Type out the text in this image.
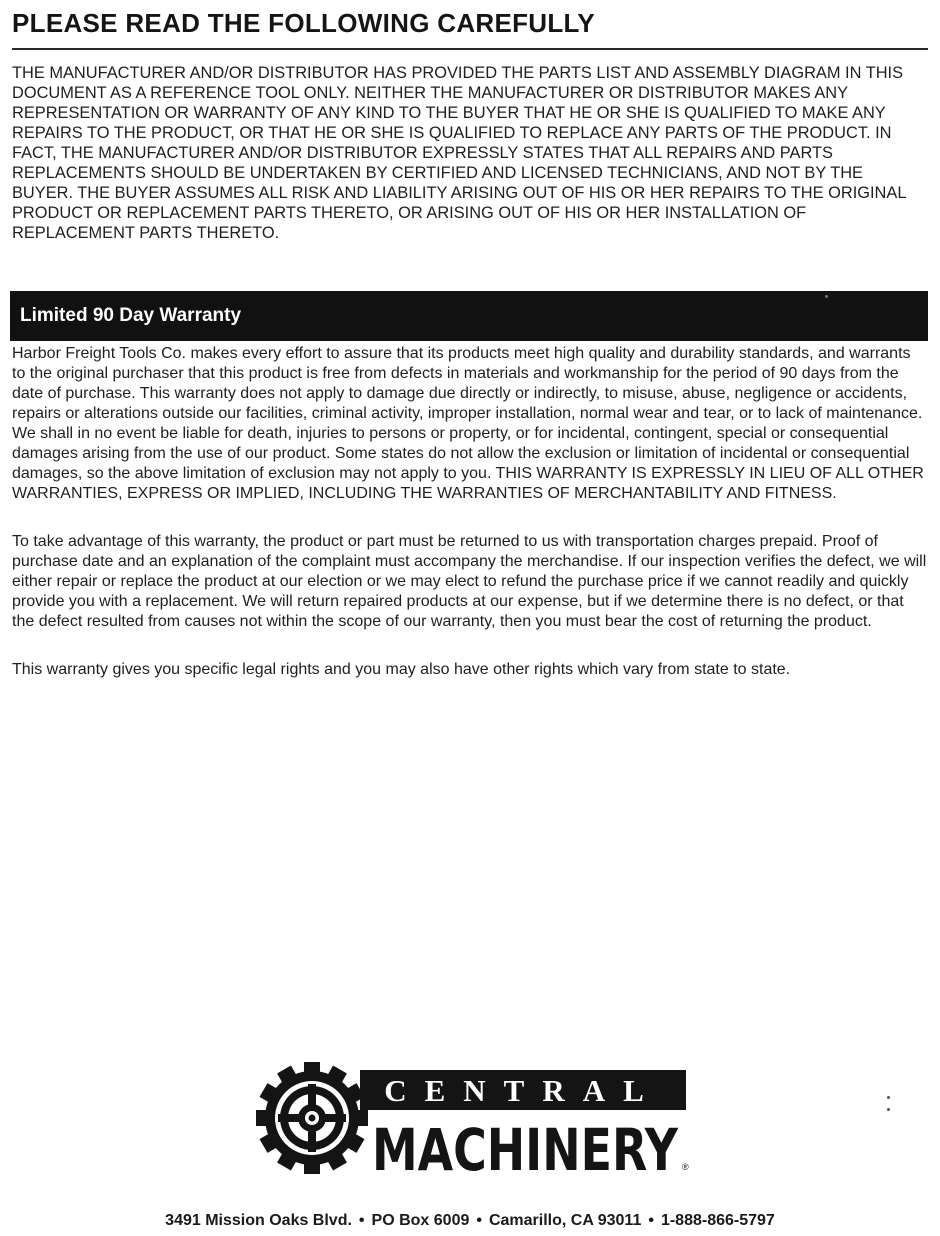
PLEASE READ THE FOLLOWING CAREFULLY

THE MANUFACTURER AND/OR DISTRIBUTOR HAS PROVIDED THE PARTS LIST AND ASSEMBLY DIAGRAM IN THIS DOCUMENT AS A REFERENCE TOOL ONLY. NEITHER THE MANUFACTURER OR DISTRIBUTOR MAKES ANY REPRESENTATION OR WARRANTY OF ANY KIND TO THE BUYER THAT HE OR SHE IS QUALIFIED TO MAKE ANY REPAIRS TO THE PRODUCT, OR THAT HE OR SHE IS QUALIFIED TO REPLACE ANY PARTS OF THE PRODUCT. IN FACT, THE MANUFACTURER AND/OR DISTRIBUTOR EXPRESSLY STATES THAT ALL REPAIRS AND PARTS REPLACEMENTS SHOULD BE UNDERTAKEN BY CERTIFIED AND LICENSED TECHNICIANS, AND NOT BY THE BUYER. THE BUYER ASSUMES ALL RISK AND LIABILITY ARISING OUT OF HIS OR HER REPAIRS TO THE ORIGINAL PRODUCT OR REPLACEMENT PARTS THERETO, OR ARISING OUT OF HIS OR HER INSTALLATION OF REPLACEMENT PARTS THERETO.

Limited 90 Day Warranty

Harbor Freight Tools Co. makes every effort to assure that its products meet high quality and durability standards, and warrants to the original purchaser that this product is free from defects in materials and workmanship for the period of 90 days from the date of purchase. This warranty does not apply to damage due directly or indirectly, to misuse, abuse, negligence or accidents, repairs or alterations outside our facilities, criminal activity, improper installation, normal wear and tear, or to lack of maintenance. We shall in no event be liable for death, injuries to persons or property, or for incidental, contingent, special or consequential damages arising from the use of our product. Some states do not allow the exclusion or limitation of incidental or consequential damages, so the above limitation of exclusion may not apply to you. THIS WARRANTY IS EXPRESSLY IN LIEU OF ALL OTHER WARRANTIES, EXPRESS OR IMPLIED, INCLUDING THE WARRANTIES OF MERCHANTABILITY AND FITNESS.

To take advantage of this warranty, the product or part must be returned to us with transportation charges prepaid. Proof of purchase date and an explanation of the complaint must accompany the merchandise. If our inspection verifies the defect, we will either repair or replace the product at our election or we may elect to refund the purchase price if we cannot readily and quickly provide you with a replacement. We will return repaired products at our expense, but if we determine there is no defect, or that the defect resulted from causes not within the scope of our warranty, then you must bear the cost of returning the product.

This warranty gives you specific legal rights and you may also have other rights which vary from state to state.

CENTRAL
MACHINERY ®
3491 Mission Oaks Blvd. • PO Box 6009 • Camarillo, CA 93011 • 1-888-866-5797
